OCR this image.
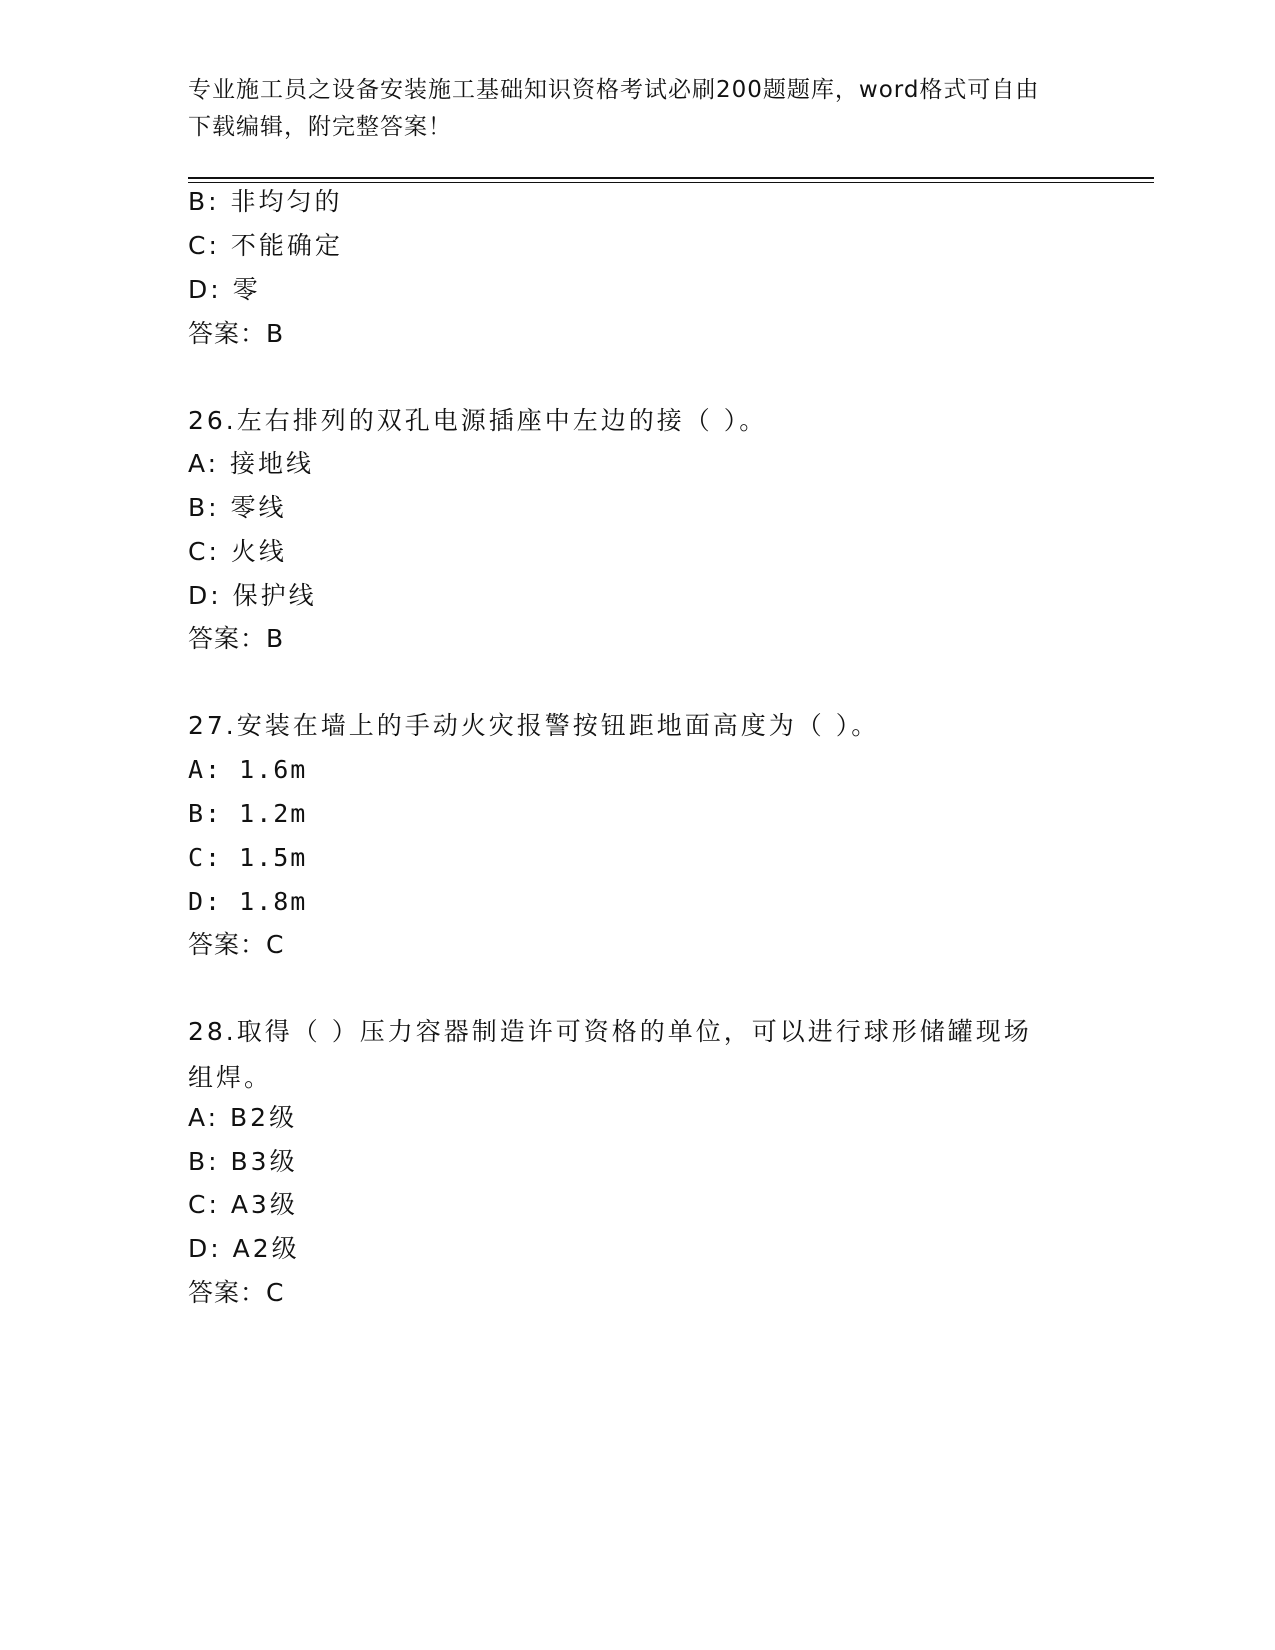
专业施工员之设备安装施工基础知识资格考试必刷200题题库，word格式可自由
下载编辑，附完整答案！
B: 非均匀的
C: 不能确定
D: 零
答案：B
26.左右排列的双孔电源插座中左边的接（ ）。
A: 接地线
B: 零线
C: 火线
D: 保护线
答案：B
27.安装在墙上的手动火灾报警按钮距地面高度为（ ）。
A: 1.6m
B: 1.2m
C: 1.5m
D: 1.8m
答案：C
28.取得（ ）压力容器制造许可资格的单位，可以进行球形储罐现场
组焊。
A: B2级
B: B3级
C: A3级
D: A2级
答案：C
